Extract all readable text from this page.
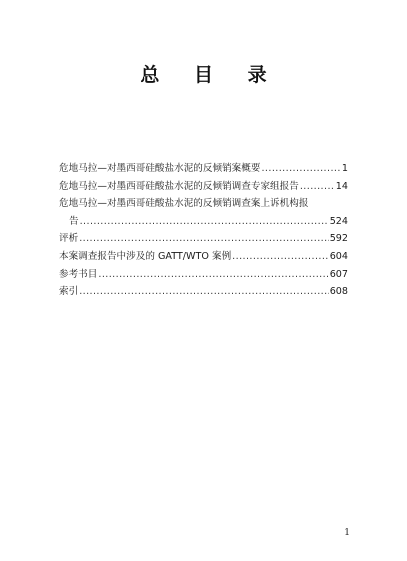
总 目 录
危地马拉—对墨西哥硅酸盐水泥的反倾销案概要 .....	1
危地马拉—对墨西哥硅酸盐水泥的反倾销调查专家组报告 .....	14
危地马拉—对墨西哥硅酸盐水泥的反倾销调查案上诉机构报
告 .....	524
评析 .....	592
本案调查报告中涉及的 GATT/WTO 案例 .....	604
参考书目 .....	607
索引 .....	608
1
